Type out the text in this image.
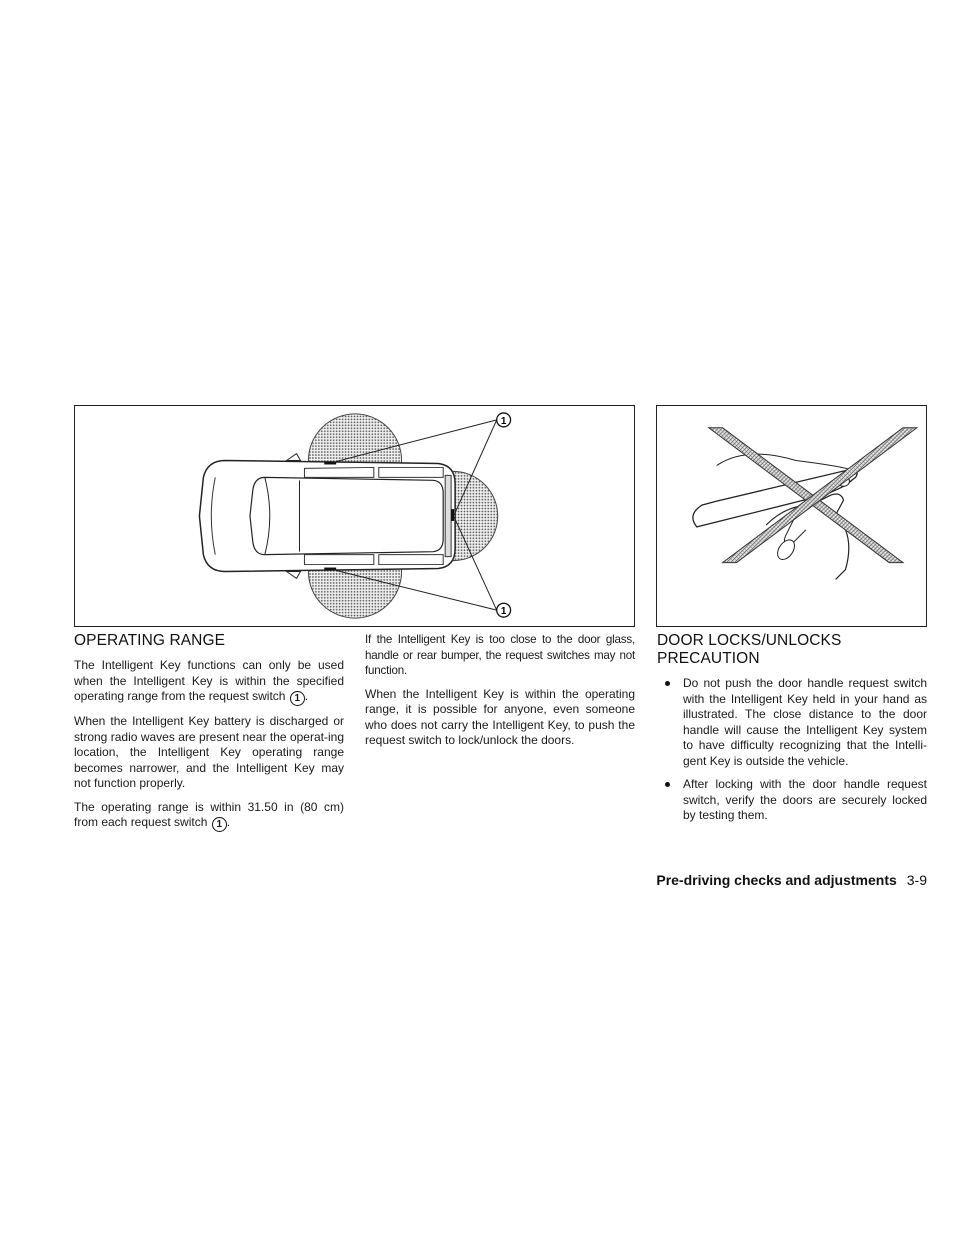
1
1
OPERATING RANGE

The Intelligent Key functions can only be used when the Intelligent Key is within the specified operating range from the request switch 1 .

When the Intelligent Key battery is discharged or strong radio waves are present near the operat-ing location, the Intelligent Key operating range becomes narrower, and the Intelligent Key may not function properly.

The operating range is within 31.50 in (80 cm) from each request switch 1 .

If the Intelligent Key is too close to the door glass, handle or rear bumper, the request switches may not function.

When the Intelligent Key is within the operating range, it is possible for anyone, even someone who does not carry the Intelligent Key, to push the request switch to lock/unlock the doors.

DOOR LOCKS/UNLOCKS PRECAUTION
Do not push the door handle request switch with the Intelligent Key held in your hand as illustrated. The close distance to the door handle will cause the Intelligent Key system to have difficulty recognizing that the Intelli-gent Key is outside the vehicle.
After locking with the door handle request switch, verify the doors are securely locked by testing them.
Pre-driving checks and adjustments 3-9
